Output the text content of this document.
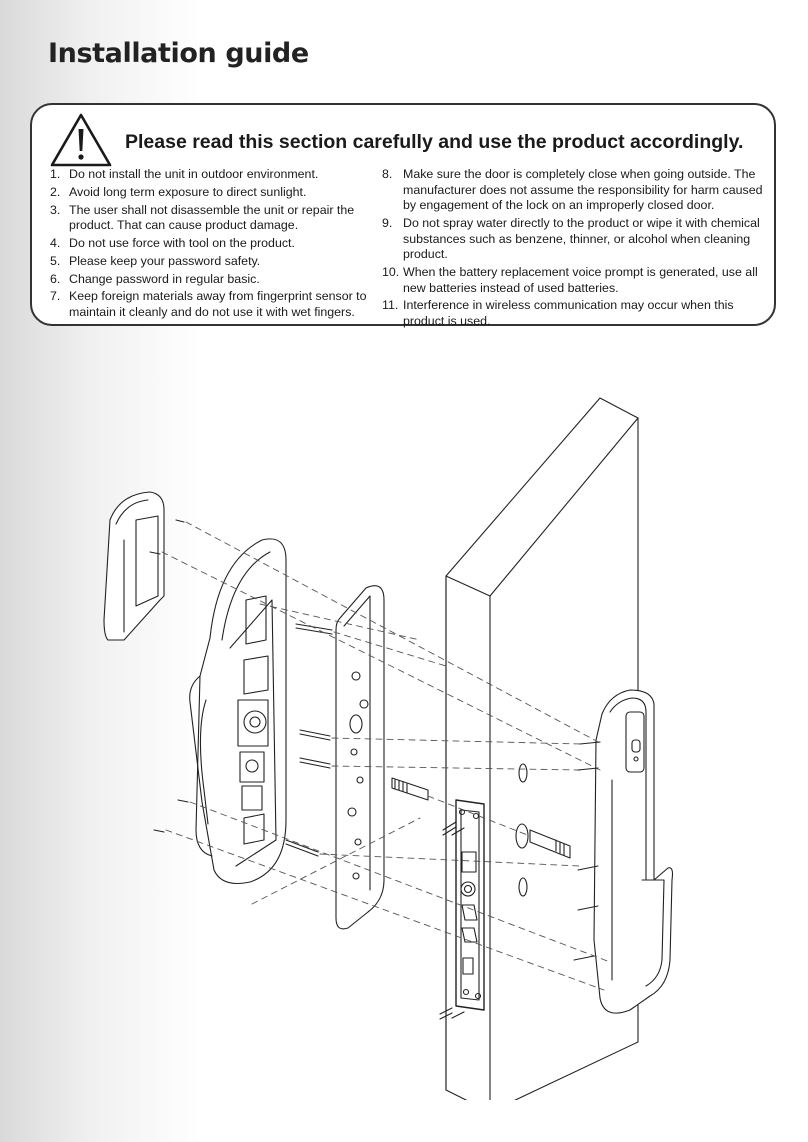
Installation guide
Please read this section carefully and use the product accordingly.
1. Do not install the unit in outdoor environment.
2. Avoid long term exposure to direct sunlight.
3. The user shall not disassemble the unit or repair the product. That can cause product damage.
4. Do not use force with tool on the product.
5. Please keep your password safety.
6. Change password in regular basic.
7. Keep foreign materials away from fingerprint sensor to maintain it cleanly and do not use it with wet fingers.
8. Make sure the door is completely close when going outside. The manufacturer does not assume the responsibility for harm caused by engagement of the lock on an improperly closed door.
9. Do not spray water directly to the product or wipe it with chemical substances such as benzene, thinner, or alcohol when cleaning product.
10. When the battery replacement voice prompt is generated, use all new batteries instead of used batteries.
11. Interference in wireless communication may occur when this product is used.
